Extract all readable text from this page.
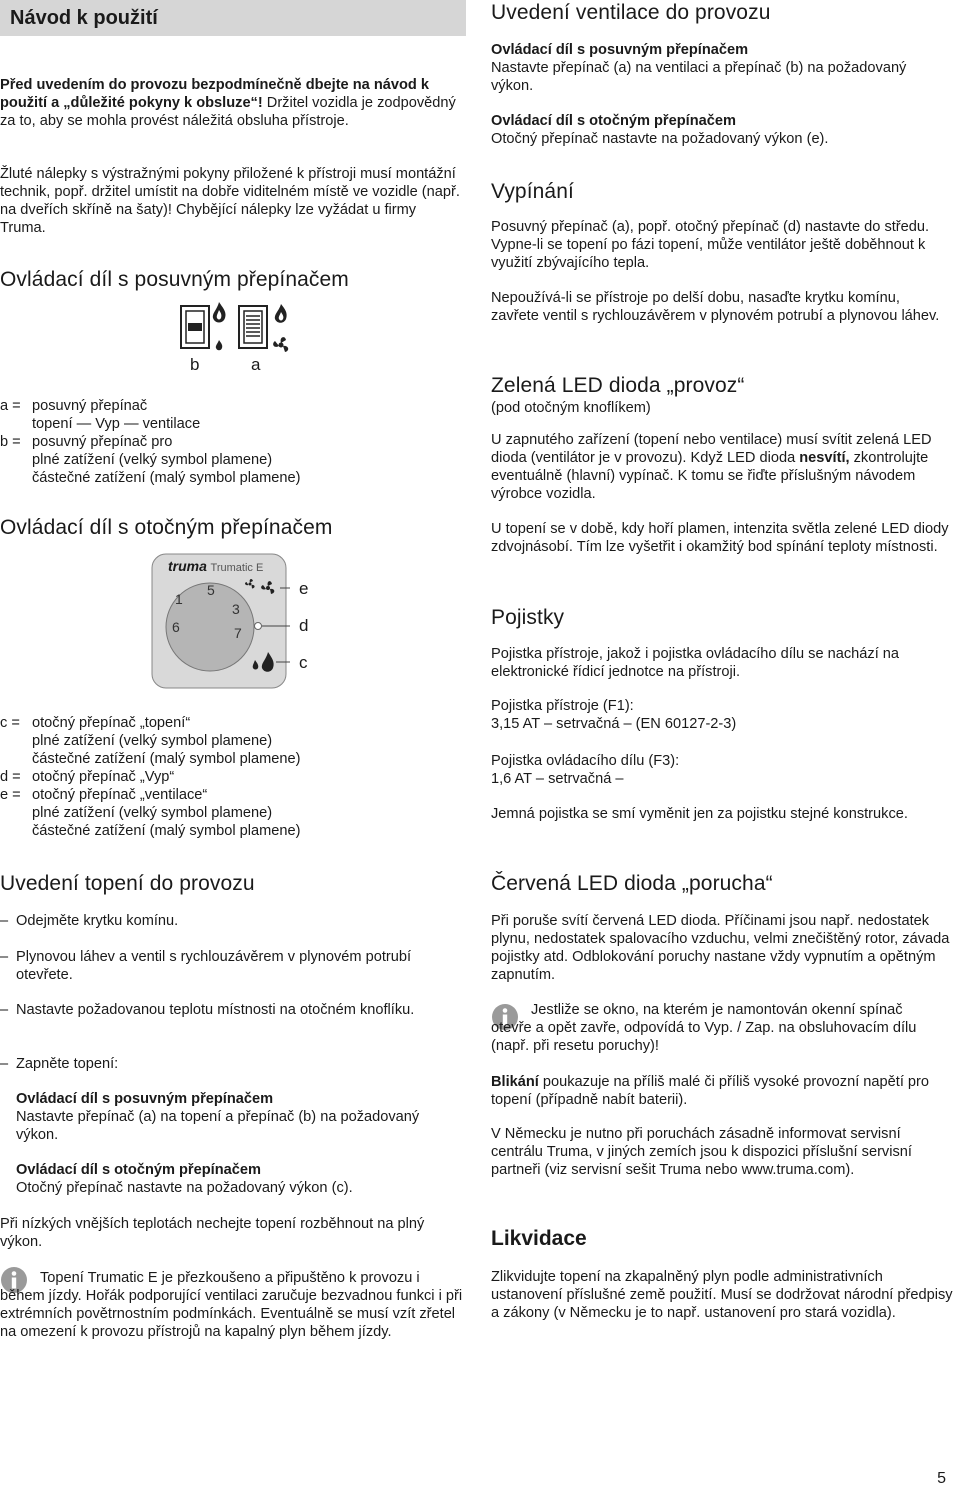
Návod k použití

Před uvedením do provozu bezpodmínečně dbejte na návod k použití a „důležité pokyny k obsluze“! Držitel vozidla je zodpovědný za to, aby se mohla provést náležitá obsluha přístroje.

Žluté nálepky s výstražnými pokyny přiložené k přístroji musí montážní technik, popř. držitel umístit na dobře viditelném místě ve vozidle (např. na dveřích skříně na šaty)! Chybějící nálepky lze vyžádat u firmy Truma.

Ovládací díl s posuvným přepínačem
b	a
a = posuvný přepínač
topení — Vyp — ventilace
b = posuvný přepínač pro
plné zatížení (velký symbol plamene)
částečné zatížení (malý symbol plamene)
Ovládací díl s otočným přepínačem
truma Trumatic E
1
5
3
6	7
e
d
c
c = otočný přepínač „topení“
plné zatížení (velký symbol plamene)
částečné zatížení (malý symbol plamene)
d = otočný přepínač „Vyp“
e = otočný přepínač „ventilace“
plné zatížení (velký symbol plamene)
částečné zatížení (malý symbol plamene)
Uvedení topení do provozu
– Odejměte krytku komínu.
– Plynovou láhev a ventil s rychlouzávěrem v plynovém potrubí otevřete.
– Nastavte požadovanou teplotu místnosti na otočném knoflíku.
– Zapněte topení:
Ovládací díl s posuvným přepínačem
Nastavte přepínač (a) na topení a přepínač (b) na požadovaný výkon.
Ovládací díl s otočným přepínačem
Otočný přepínač nastavte na požadovaný výkon (c).

Při nízkých vnějších teplotách nechejte topení rozběhnout na plný výkon.

Topení Trumatic E je přezkoušeno a připuštěno k provozu i během jízdy. Hořák podporující ventilaci zaručuje bezvadnou funkci i při extrémních povětrnostním podmínkách. Eventuálně se musí vzít zřetel na omezení k provozu přístrojů na kapalný plyn během jízdy.

Uvedení ventilace do provozu
Ovládací díl s posuvným přepínačem
Nastavte přepínač (a) na ventilaci a přepínač (b) na požadovaný výkon.
Ovládací díl s otočným přepínačem
Otočný přepínač nastavte na požadovaný výkon (e).
Vypínání

Posuvný přepínač (a), popř. otočný přepínač (d) nastavte do středu. Vypne-li se topení po fázi topení, může ventilátor ještě doběhnout k využití zbývajícího tepla.

Nepoužívá-li se přístroje po delší dobu, nasaďte krytku komínu, zavřete ventil s rychlouzávěrem v plynovém potrubí a plynovou láhev.

Zelená LED dioda „provoz“
(pod otočným knoflíkem)

U zapnutého zařízení (topení nebo ventilace) musí svítit zelená LED dioda (ventilátor je v provozu). Když LED dioda nesvítí, zkontrolujte eventuálně (hlavní) vypínač. K tomu se řiďte příslušným návodem výrobce vozidla.

U topení se v době, kdy hoří plamen, intenzita světla zelené LED diody zdvojnásobí. Tím lze vyšetřit i okamžitý bod spínání teploty místnosti.

Pojistky

Pojistka přístroje, jakož i pojistka ovládacího dílu se nachází na elektronické řídicí jednotce na přístroji.

Pojistka přístroje (F1):
3,15 AT – setrvačná – (EN 60127-2-3)
Pojistka ovládacího dílu (F3):
1,6 AT – setrvačná –

Jemná pojistka se smí vyměnit jen za pojistku stejné konstrukce.

Červená LED dioda „porucha“

Při poruše svítí červená LED dioda. Příčinami jsou např. nedostatek plynu, nedostatek spalovacího vzduchu, velmi znečištěný rotor, závada pojistky atd. Odblokování poruchy nastane vždy vypnutím a opětným zapnutím.

Jestliže se okno, na kterém je namontován okenní spínač otevře a opět zavře, odpovídá to Vyp. / Zap. na obsluhovacím dílu (např. při resetu poruchy)!

Blikání poukazuje na příliš malé či příliš vysoké provozní napětí pro topení (případně nabít baterii).

V Německu je nutno při poruchách zásadně informovat servisní centrálu Truma, v jiných zemích jsou k dispozici příslušní servisní partneři (viz servisní sešit Truma nebo www.truma.com).

Likvidace

Zlikvidujte topení na zkapalněný plyn podle administrativních ustanovení příslušné země použití. Musí se dodržovat národní předpisy a zákony (v Německu je to např. ustanovení pro stará vozidla).

5
